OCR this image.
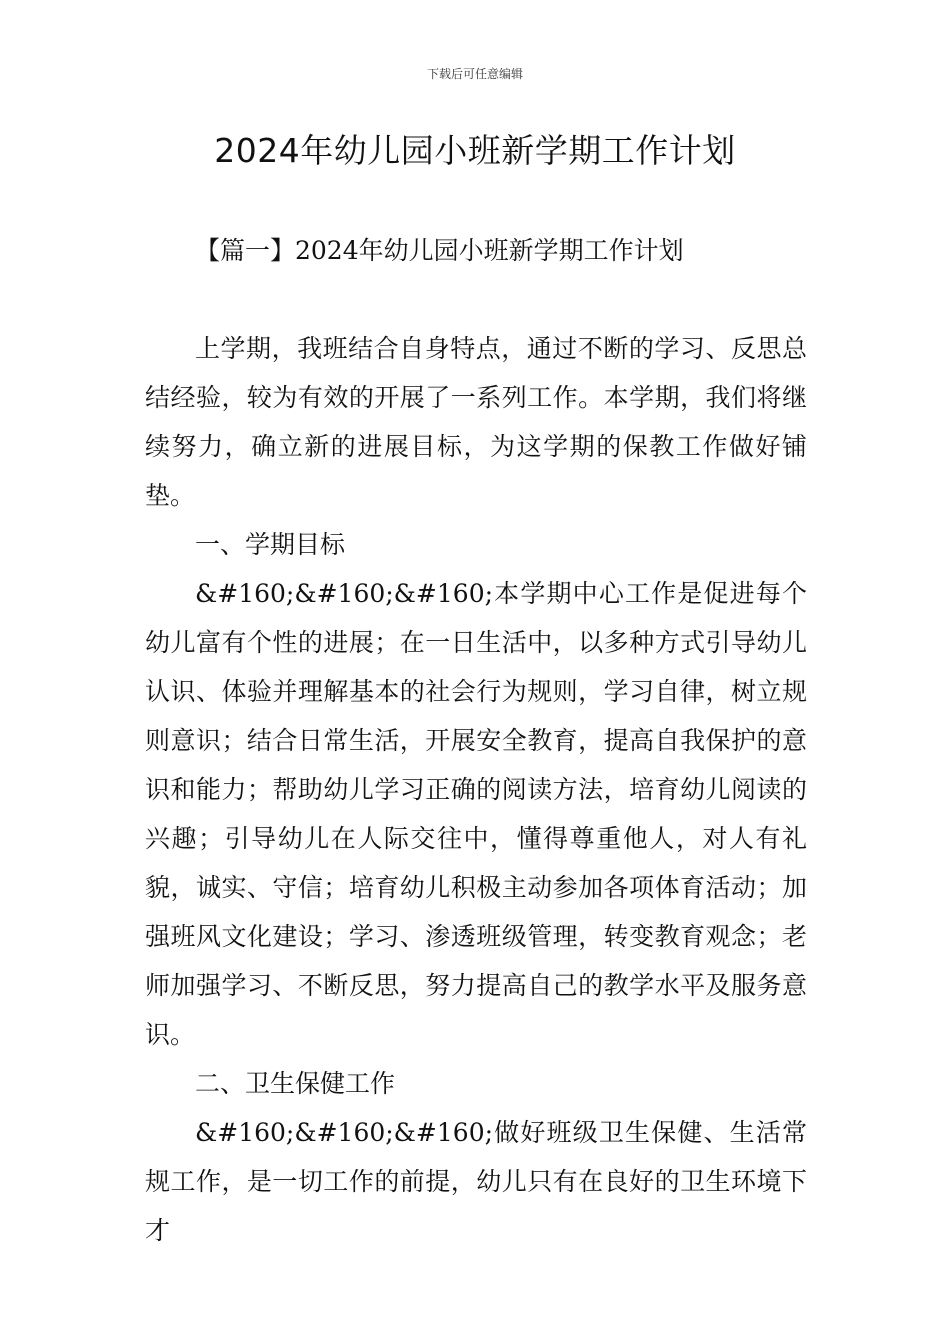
下载后可任意编辑
2024年幼儿园小班新学期工作计划

【篇一】2024年幼儿园小班新学期工作计划

上学期，我班结合自身特点，通过不断的学习、反思总结经验，较为有效的开展了一系列工作。本学期，我们将继续努力，确立新的进展目标，为这学期的保教工作做好铺垫。

一、学期目标

&#160;&#160;&#160;本学期中心工作是促进每个幼儿富有个性的进展；在一日生活中，以多种方式引导幼儿认识、体验并理解基本的社会行为规则，学习自律，树立规则意识；结合日常生活，开展安全教育，提高自我保护的意识和能力；帮助幼儿学习正确的阅读方法，培育幼儿阅读的兴趣；引导幼儿在人际交往中，懂得尊重他人，对人有礼貌，诚实、守信；培育幼儿积极主动参加各项体育活动；加强班风文化建设；学习、渗透班级管理，转变教育观念；老师加强学习、不断反思，努力提高自己的教学水平及服务意识。

二、卫生保健工作

&#160;&#160;&#160;做好班级卫生保健、生活常规工作，是一切工作的前提，幼儿只有在良好的卫生环境下才
